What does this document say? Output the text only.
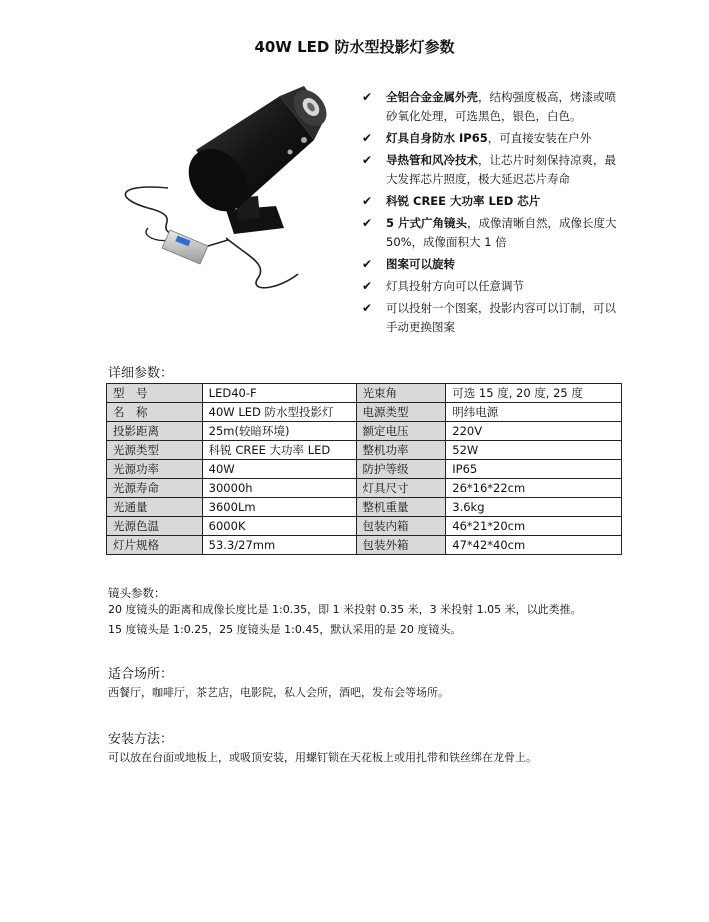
40W LED 防水型投影灯参数
✔ 全铝合金金属外壳，结构强度极高，烤漆或喷砂氧化处理，可选黑色，银色，白色。
✔ 灯具自身防水 IP65，可直接安装在户外
✔ 导热管和风冷技术，让芯片时刻保持凉爽，最大发挥芯片照度，极大延迟芯片寿命
✔ 科锐 CREE 大功率 LED 芯片
✔ 5 片式广角镜头，成像清晰自然，成像长度大 50%，成像面积大 1 倍
✔ 图案可以旋转
✔ 灯具投射方向可以任意调节
✔ 可以投射一个图案，投影内容可以订制，可以手动更换图案
详细参数：
型　号	LED40-F	光束角	可选 15 度, 20 度, 25 度
名　称	40W LED 防水型投影灯	电源类型	明纬电源
投影距离	25m(较暗环境)	额定电压	220V
光源类型	科锐 CREE 大功率 LED	整机功率	52W
光源功率	40W	防护等级	IP65
光源寿命	30000h	灯具尺寸	26*16*22cm
光通量	3600Lm	整机重量	3.6kg
光源色温	6000K	包装内箱	46*21*20cm
灯片规格	53.3/27mm	包装外箱	47*42*40cm
镜头参数：
20 度镜头的距离和成像长度比是 1:0.35，即 1 米投射 0.35 米，3 米投射 1.05 米，以此类推。
15 度镜头是 1:0.25，25 度镜头是 1:0.45，默认采用的是 20 度镜头。
适合场所：
西餐厅，咖啡厅，茶艺店，电影院，私人会所，酒吧，发布会等场所。
安装方法：
可以放在台面或地板上，或吸顶安装，用螺钉锁在天花板上或用扎带和铁丝绑在龙骨上。
